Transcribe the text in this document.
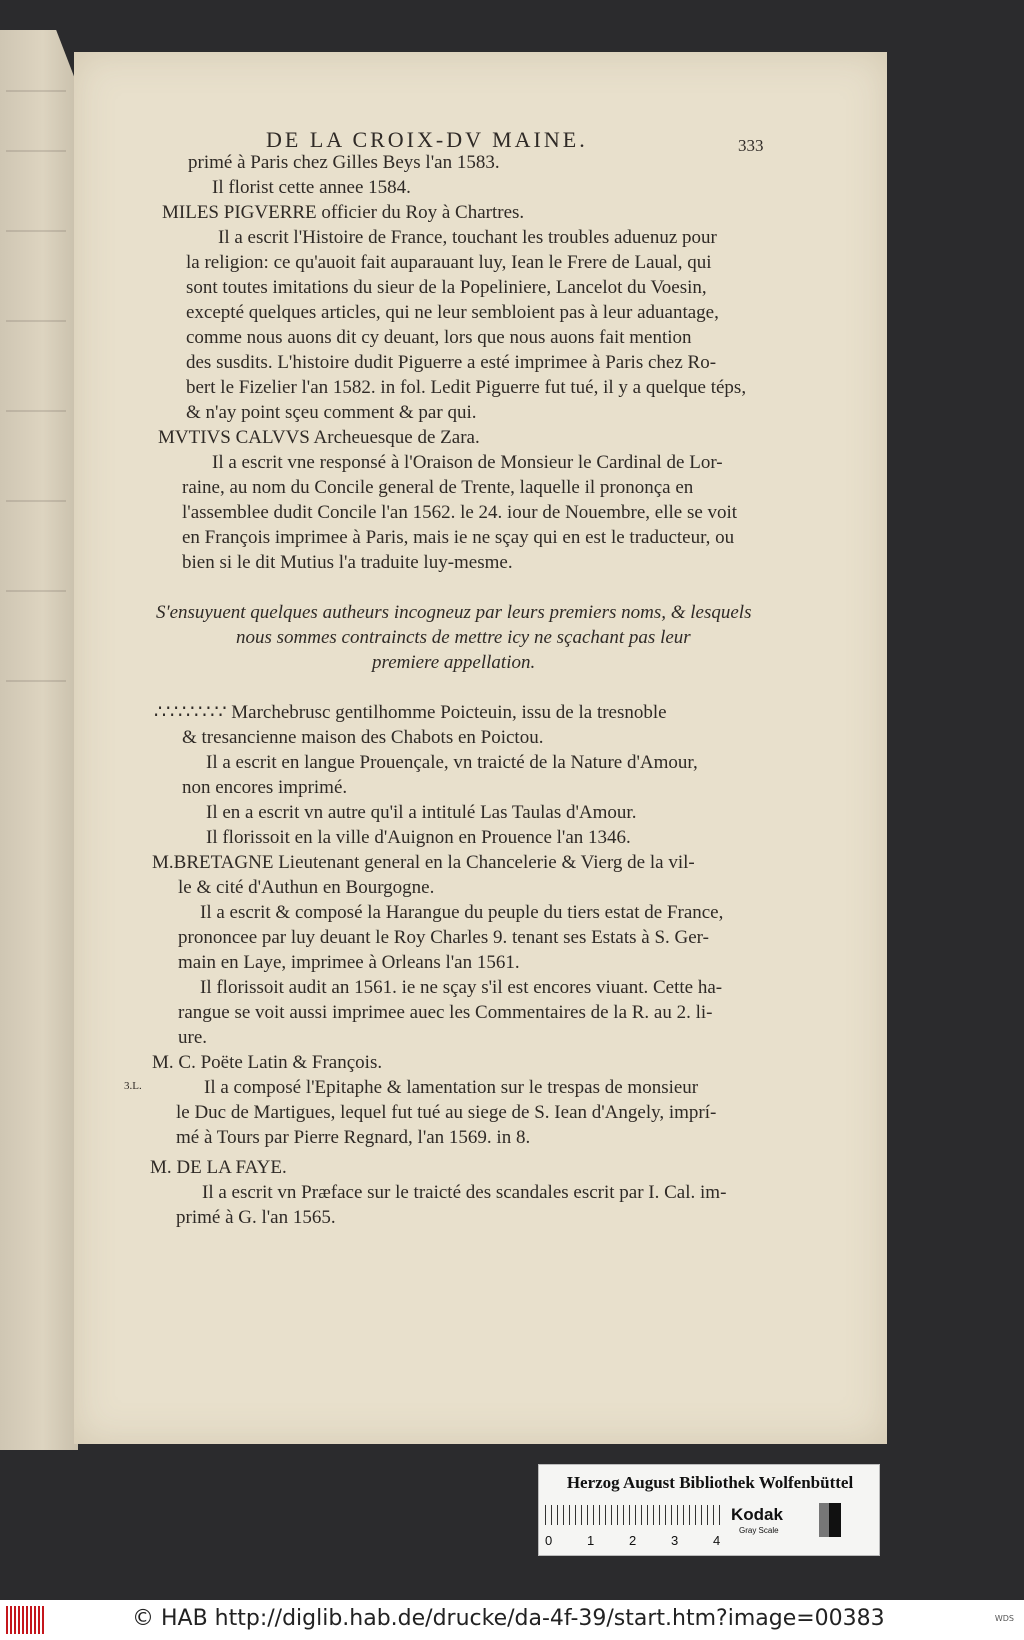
primé à Paris chez Gilles Beys l'an 1583.
Il florist cette annee 1584.
MILES PIGVERRE officier du Roy à Chartres.
Il a escrit l'Histoire de France, touchant les troubles aduenuz pour
la religion: ce qu'auoit fait auparauant luy, Iean le Frere de Laual, qui
sont toutes imitations du sieur de la Popeliniere, Lancelot du Voesin,
excepté quelques articles, qui ne leur sembloient pas à leur aduantage,
comme nous auons dit cy deuant, lors que nous auons fait mention
des susdits. L'histoire dudit Piguerre a esté imprimee à Paris chez Ro-
bert le Fizelier l'an 1582. in fol. Ledit Piguerre fut tué, il y a quelque téps,
& n'ay point sçeu comment & par qui.
MVTIVS CALVVS Archeuesque de Zara.
Il a escrit vne responsé à l'Oraison de Monsieur le Cardinal de Lor-
raine, au nom du Concile general de Trente, laquelle il prononça en
l'assemblee dudit Concile l'an 1562. le 24. iour de Nouembre, elle se voit
en François imprimee à Paris, mais ie ne sçay qui en est le traducteur, ou
bien si le dit Mutius l'a traduite luy-mesme.
S'ensuyuent quelques autheurs incogneuz par leurs premiers noms, & lesquels
nous sommes contraincts de mettre icy ne sçachant pas leur
premiere appellation.
∴∵∴∵∴∵ Marchebrusc gentilhomme Poicteuin, issu de la tresnoble
& tresancienne maison des Chabots en Poictou.
Il a escrit en langue Prouençale, vn traicté de la Nature d'Amour,
non encores imprimé.
Il en a escrit vn autre qu'il a intitulé Las Taulas d'Amour.
Il florissoit en la ville d'Auignon en Prouence l'an 1346.
M.BRETAGNE Lieutenant general en la Chancelerie & Vierg de la vil-
le & cité d'Authun en Bourgogne.
Il a escrit & composé la Harangue du peuple du tiers estat de France,
prononcee par luy deuant le Roy Charles 9. tenant ses Estats à S. Ger-
main en Laye, imprimee à Orleans l'an 1561.
Il florissoit audit an 1561. ie ne sçay s'il est encores viuant. Cette ha-
rangue se voit aussi imprimee auec les Commentaires de la R. au 2. li-
ure.
M. C. Poëte Latin & François.
Il a composé l'Epitaphe & lamentation sur le trespas de monsieur
le Duc de Martigues, lequel fut tué au siege de S. Iean d'Angely, imprí-
mé à Tours par Pierre Regnard, l'an 1569. in 8.
M. DE LA FAYE.
Il a escrit vn Præface sur le traicté des scandales escrit par I. Cal. im-
primé à G. l'an 1565.
DE LA CROIX-DV MAINE.	333
3.L.
Herzog August Bibliothek Wolfenbüttel
0	1	2	3	4
Kodak
Gray Scale
© HAB http://diglib.hab.de/drucke/da-4f-39/start.htm?image=00383	WDS
